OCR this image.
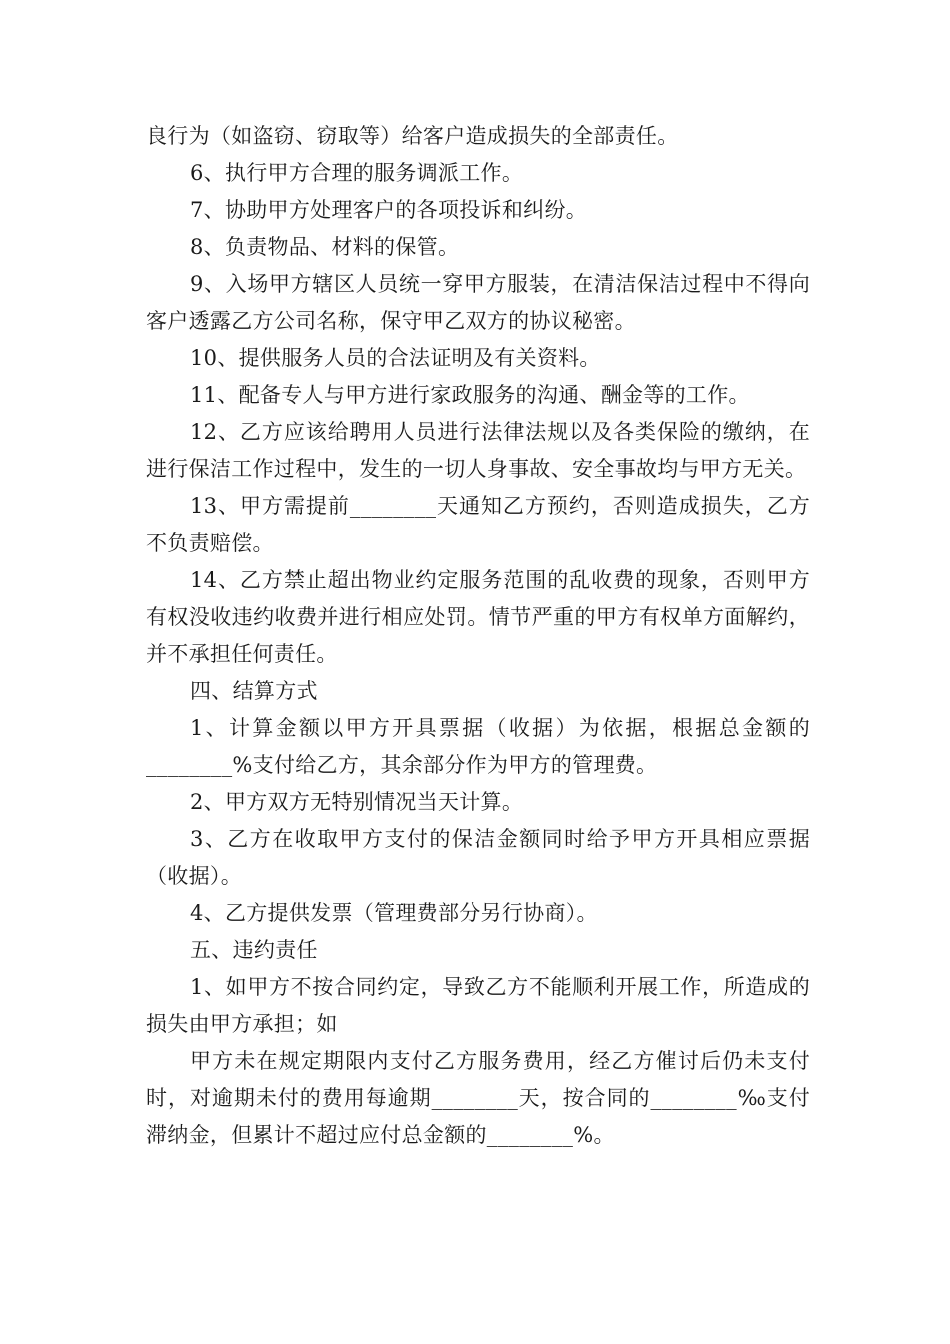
良行为（如盗窃、窃取等）给客户造成损失的全部责任。

6、执行甲方合理的服务调派工作。

7、协助甲方处理客户的各项投诉和纠纷。

8、负责物品、材料的保管。

9、入场甲方辖区人员统一穿甲方服装，在清洁保洁过程中不得向客户透露乙方公司名称，保守甲乙双方的协议秘密。

10、提供服务人员的合法证明及有关资料。

11、配备专人与甲方进行家政服务的沟通、酬金等的工作。

12、乙方应该给聘用人员进行法律法规以及各类保险的缴纳，在进行保洁工作过程中，发生的一切人身事故、安全事故均与甲方无关。

13、甲方需提前________天通知乙方预约，否则造成损失，乙方不负责赔偿。

14、乙方禁止超出物业约定服务范围的乱收费的现象，否则甲方有权没收违约收费并进行相应处罚。情节严重的甲方有权单方面解约，并不承担任何责任。

四、结算方式

1、计算金额以甲方开具票据（收据）为依据，根据总金额的________%支付给乙方，其余部分作为甲方的管理费。

2、甲方双方无特别情况当天计算。

3、乙方在收取甲方支付的保洁金额同时给予甲方开具相应票据（收据）。

4、乙方提供发票（管理费部分另行协商）。

五、违约责任

1、如甲方不按合同约定，导致乙方不能顺利开展工作，所造成的损失由甲方承担；如

甲方未在规定期限内支付乙方服务费用，经乙方催讨后仍未支付时，对逾期未付的费用每逾期________天，按合同的________‰支付滞纳金，但累计不超过应付总金额的________%。
